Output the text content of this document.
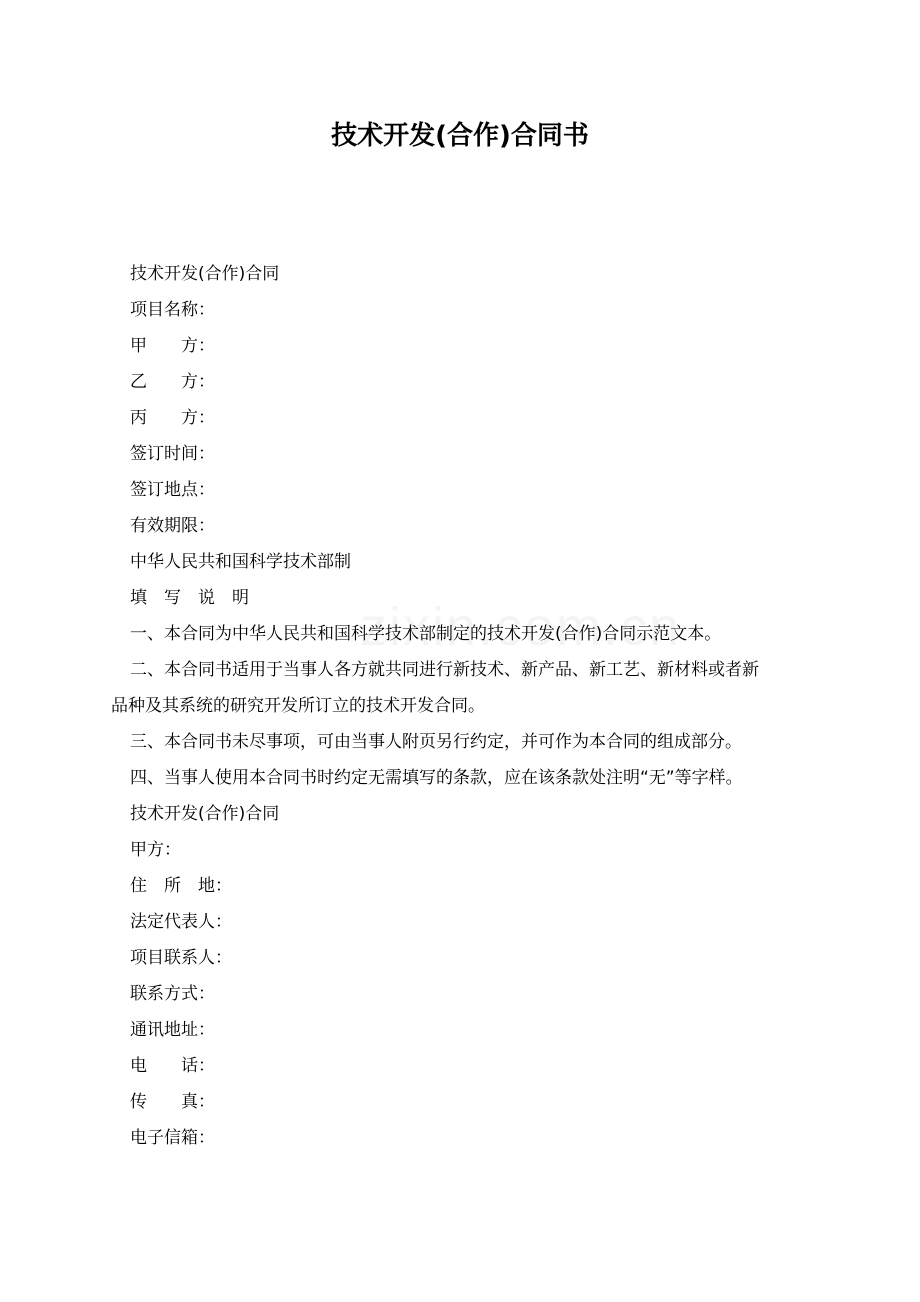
技术开发(合作)合同书
技术开发(合作)合同
项目名称：
甲　　方：
乙　　方：
丙　　方：
签订时间：
签订地点：
有效期限：
中华人民共和国科学技术部制
填　写　说　明
一、本合同为中华人民共和国科学技术部制定的技术开发(合作)合同示范文本。
二、本合同书适用于当事人各方就共同进行新技术、新产品、新工艺、新材料或者新
品种及其系统的研究开发所订立的技术开发合同。
三、本合同书未尽事项，可由当事人附页另行约定，并可作为本合同的组成部分。
四、当事人使用本合同书时约定无需填写的条款，应在该条款处注明“无”等字样。
技术开发(合作)合同
甲方：
住　所　地：
法定代表人：
项目联系人：
联系方式：
通讯地址：
电　　话：
传　　真：
电子信箱：
